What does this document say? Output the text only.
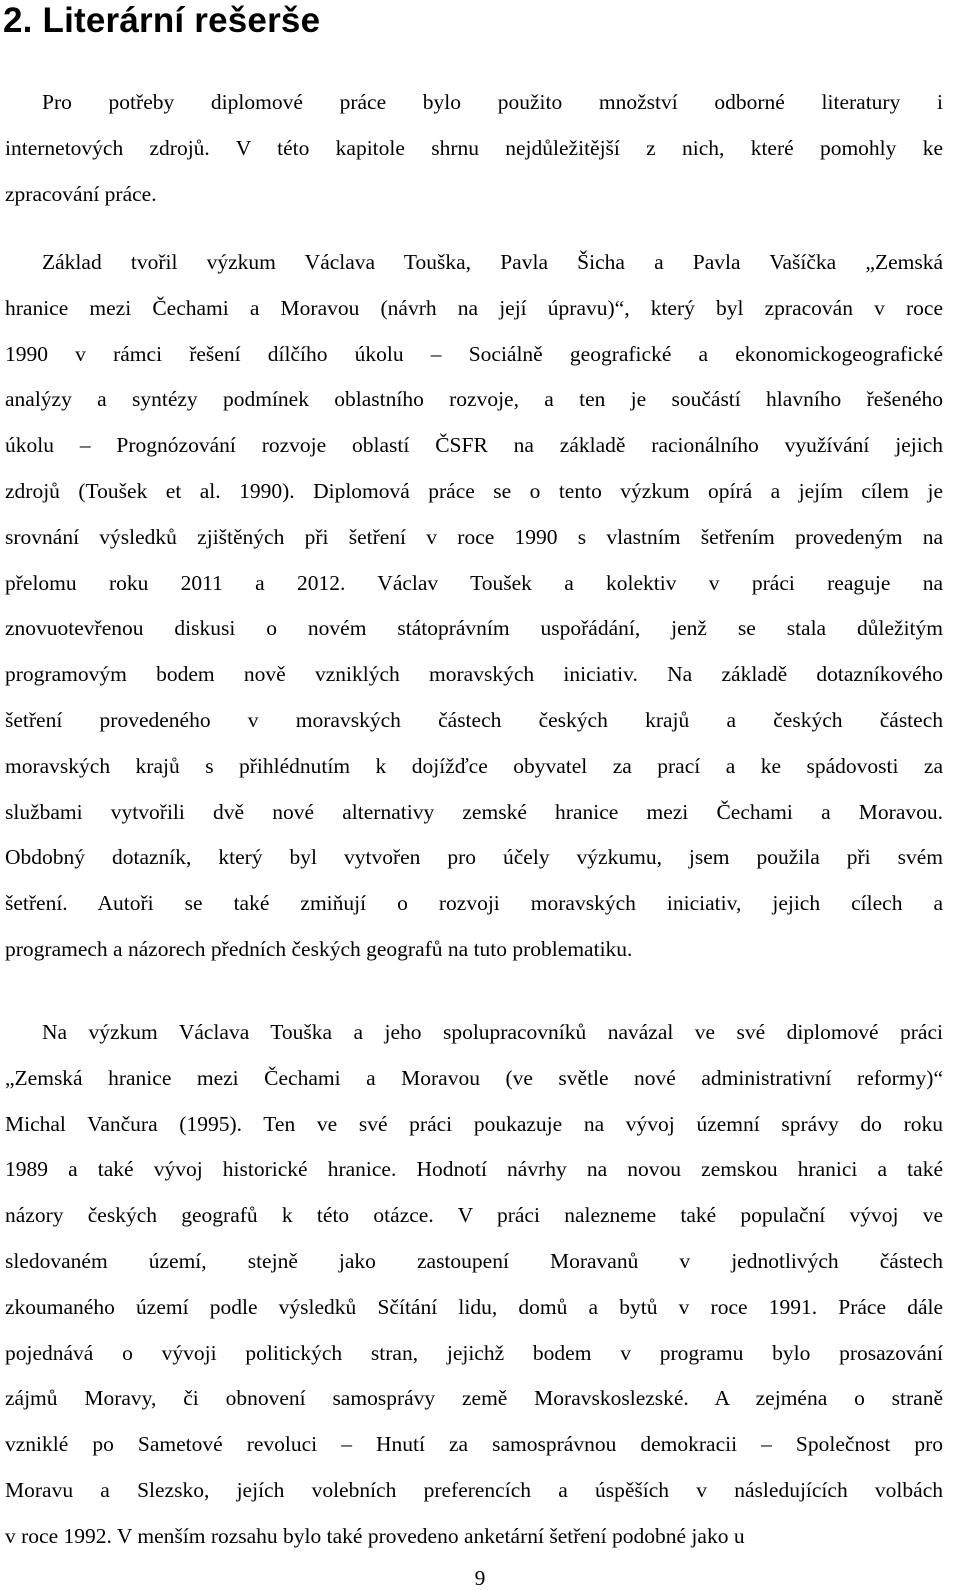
2. Literární rešerše
Pro potřeby diplomové práce bylo použito množství odborné literatury i
internetových zdrojů. V této kapitole shrnu nejdůležitější z nich, které pomohly ke
zpracování práce.
Základ tvořil výzkum Václava Touška, Pavla Šicha a Pavla Vašíčka „Zemská
hranice mezi Čechami a Moravou (návrh na její úpravu)“, který byl zpracován v roce
1990 v rámci řešení dílčího úkolu – Sociálně geografické a ekonomickogeografické
analýzy a syntézy podmínek oblastního rozvoje, a ten je součástí hlavního řešeného
úkolu – Prognózování rozvoje oblastí ČSFR na základě racionálního využívání jejich
zdrojů (Toušek et al. 1990). Diplomová práce se o tento výzkum opírá a jejím cílem je
srovnání výsledků zjištěných při šetření v roce 1990 s vlastním šetřením provedeným na
přelomu roku 2011 a 2012. Václav Toušek a kolektiv v práci reaguje na
znovuotevřenou diskusi o novém státoprávním uspořádání, jenž se stala důležitým
programovým bodem nově vzniklých moravských iniciativ. Na základě dotazníkového
šetření provedeného v moravských částech českých krajů a českých částech
moravských krajů s přihlédnutím k dojížďce obyvatel za prací a ke spádovosti za
službami vytvořili dvě nové alternativy zemské hranice mezi Čechami a Moravou.
Obdobný dotazník, který byl vytvořen pro účely výzkumu, jsem použila při svém
šetření. Autoři se také zmiňují o rozvoji moravských iniciativ, jejich cílech a
programech a názorech předních českých geografů na tuto problematiku.
Na výzkum Václava Touška a jeho spolupracovníků navázal ve své diplomové práci
„Zemská hranice mezi Čechami a Moravou (ve světle nové administrativní reformy)“
Michal Vančura (1995). Ten ve své práci poukazuje na vývoj územní správy do roku
1989 a také vývoj historické hranice. Hodnotí návrhy na novou zemskou hranici a také
názory českých geografů k této otázce. V práci nalezneme také populační vývoj ve
sledovaném území, stejně jako zastoupení Moravanů v jednotlivých částech
zkoumaného území podle výsledků Sčítání lidu, domů a bytů v roce 1991. Práce dále
pojednává o vývoji politických stran, jejichž bodem v programu bylo prosazování
zájmů Moravy, či obnovení samosprávy země Moravskoslezské. A zejména o straně
vzniklé po Sametové revoluci – Hnutí za samosprávnou demokracii – Společnost pro
Moravu a Slezsko, jejích volebních preferencích a úspěších v následujících volbách
v roce 1992. V menším rozsahu bylo také provedeno anketární šetření podobné jako u
9
